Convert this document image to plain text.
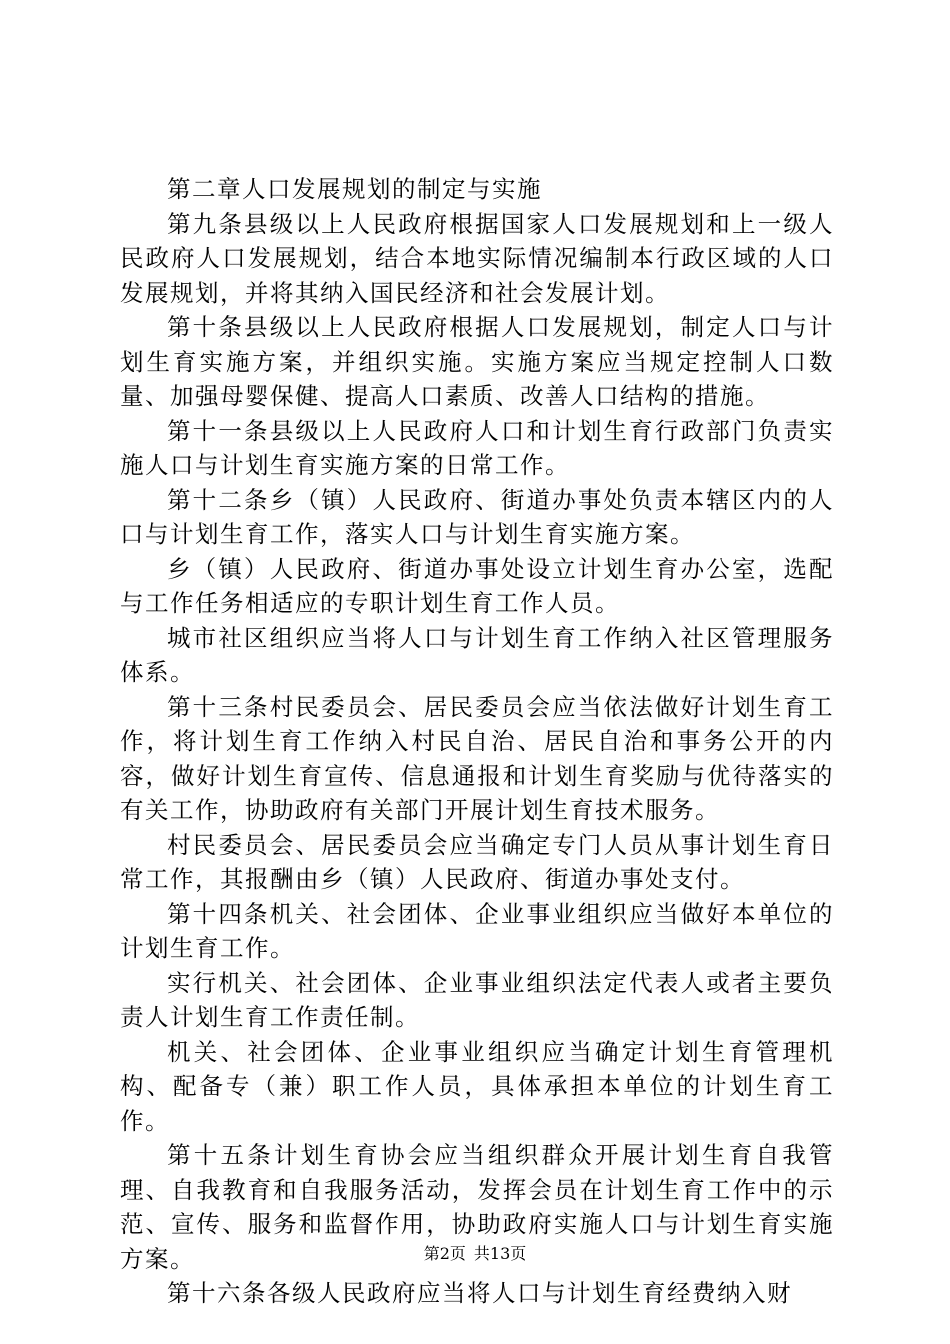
第二章人口发展规划的制定与实施

第九条县级以上人民政府根据国家人口发展规划和上一级人民政府人口发展规划，结合本地实际情况编制本行政区域的人口发展规划，并将其纳入国民经济和社会发展计划。

第十条县级以上人民政府根据人口发展规划，制定人口与计划生育实施方案，并组织实施。实施方案应当规定控制人口数量、加强母婴保健、提高人口素质、改善人口结构的措施。

第十一条县级以上人民政府人口和计划生育行政部门负责实施人口与计划生育实施方案的日常工作。

第十二条乡（镇）人民政府、街道办事处负责本辖区内的人口与计划生育工作，落实人口与计划生育实施方案。

乡（镇）人民政府、街道办事处设立计划生育办公室，选配与工作任务相适应的专职计划生育工作人员。

城市社区组织应当将人口与计划生育工作纳入社区管理服务体系。

第十三条村民委员会、居民委员会应当依法做好计划生育工作，将计划生育工作纳入村民自治、居民自治和事务公开的内容，做好计划生育宣传、信息通报和计划生育奖励与优待落实的有关工作，协助政府有关部门开展计划生育技术服务。

村民委员会、居民委员会应当确定专门人员从事计划生育日常工作，其报酬由乡（镇）人民政府、街道办事处支付。

第十四条机关、社会团体、企业事业组织应当做好本单位的计划生育工作。

实行机关、社会团体、企业事业组织法定代表人或者主要负责人计划生育工作责任制。

机关、社会团体、企业事业组织应当确定计划生育管理机构、配备专（兼）职工作人员，具体承担本单位的计划生育工作。

第十五条计划生育协会应当组织群众开展计划生育自我管理、自我教育和自我服务活动，发挥会员在计划生育工作中的示范、宣传、服务和监督作用，协助政府实施人口与计划生育实施方案。

第十六条各级人民政府应当将人口与计划生育经费纳入财

第2页 共13页
